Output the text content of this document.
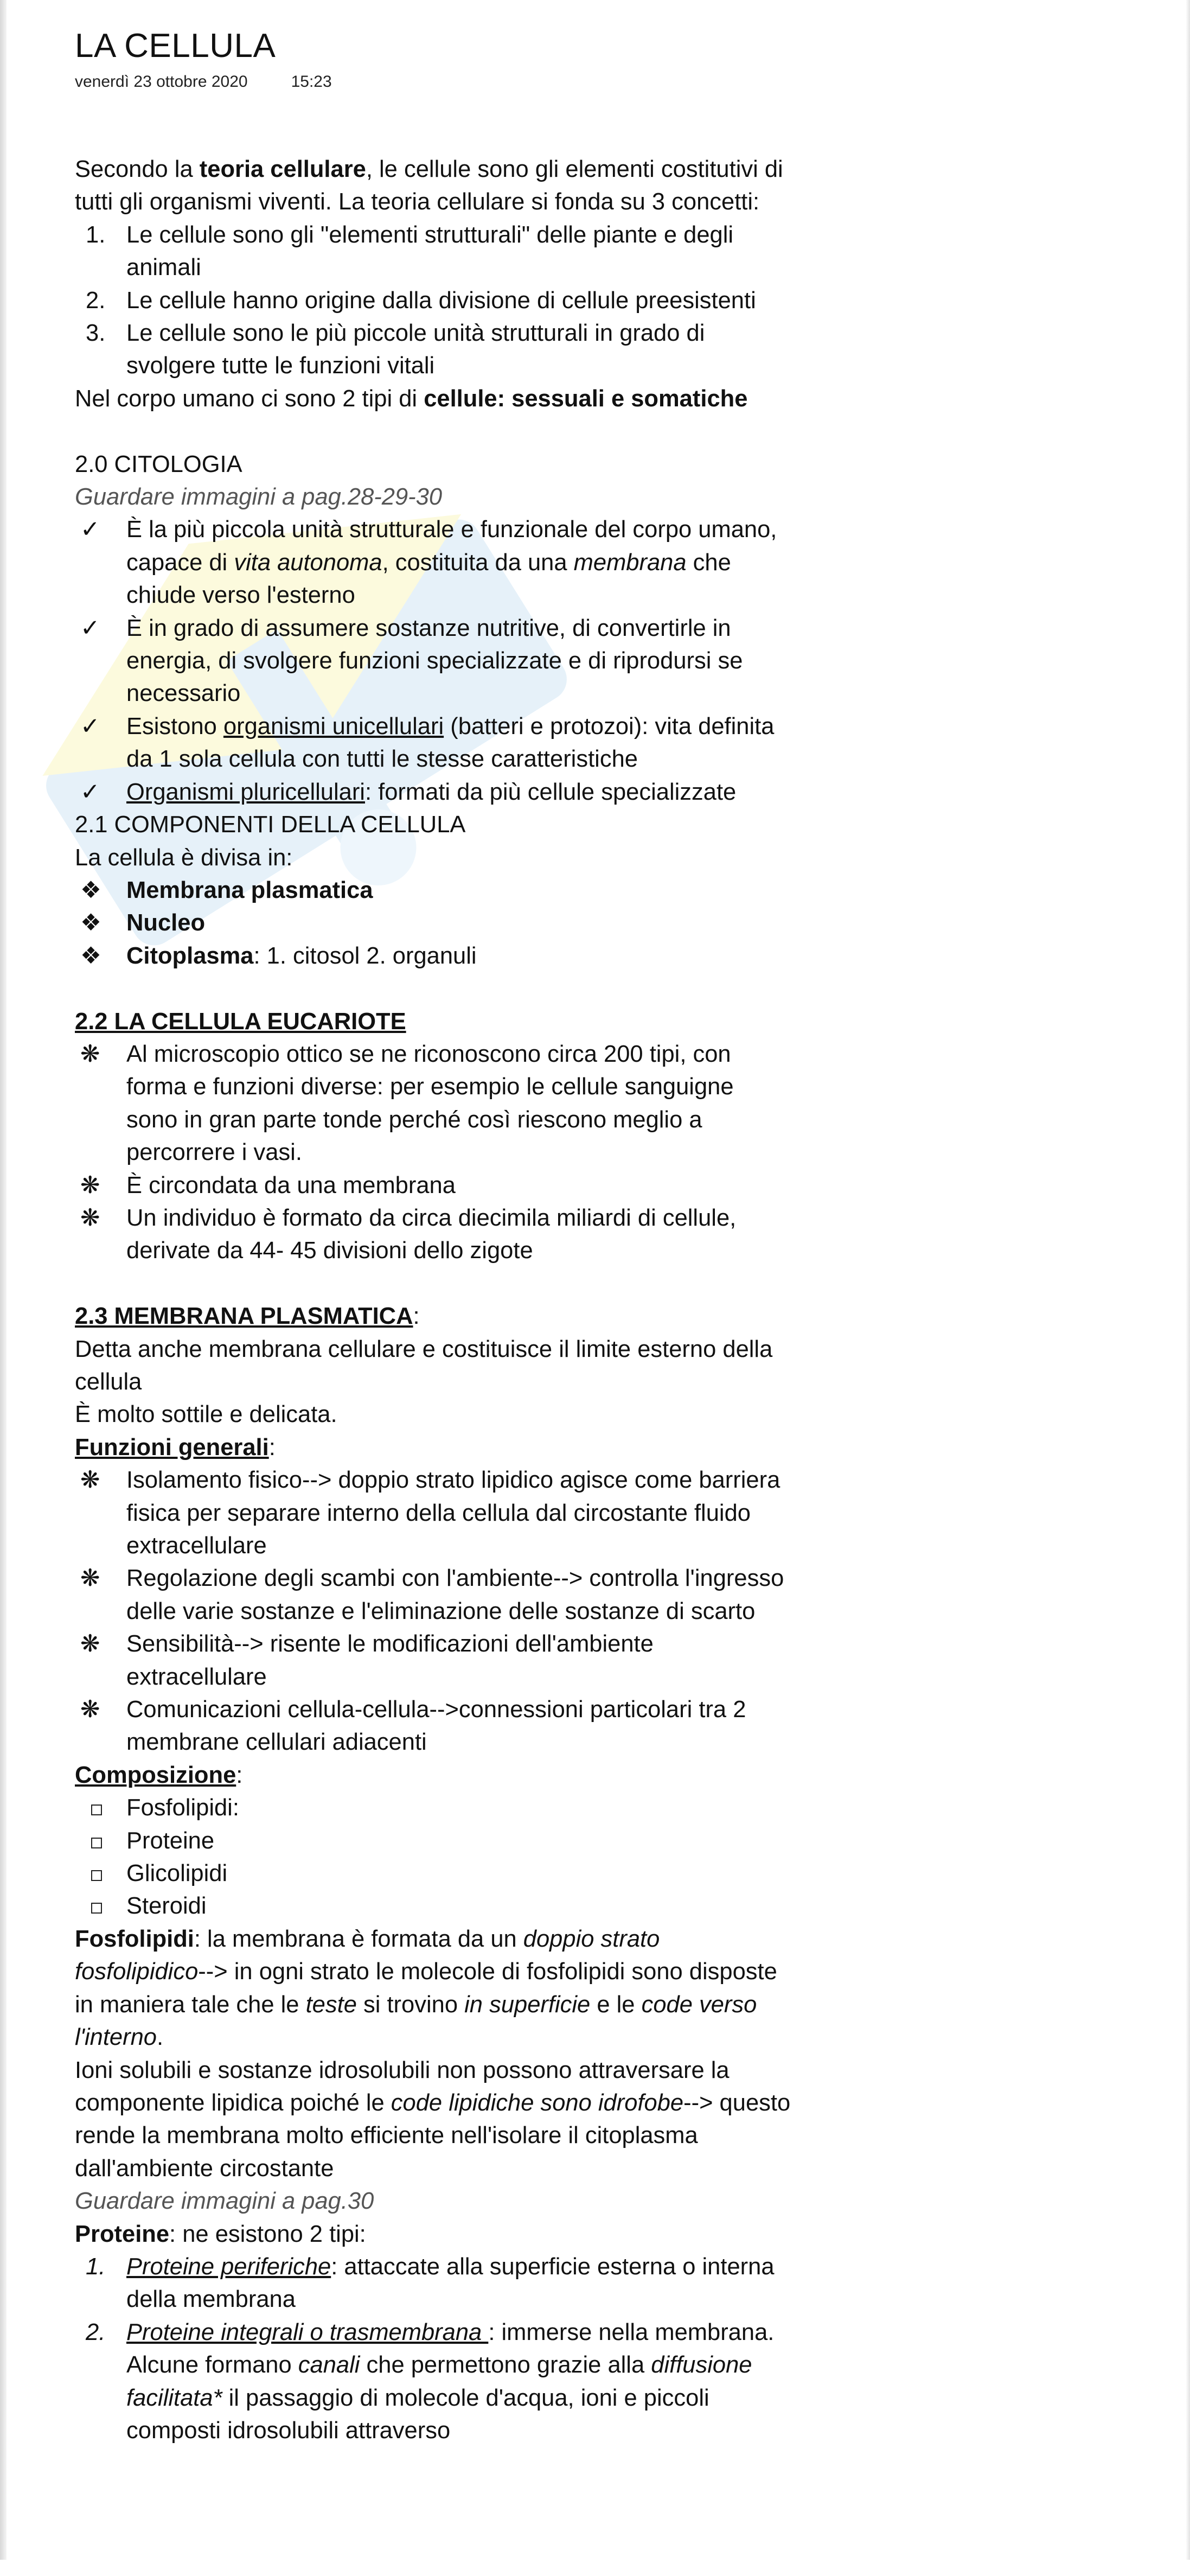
LA CELLULA
venerdì 23 ottobre 2020	15:23

Secondo la teoria cellulare, le cellule sono gli elementi costitutivi di tutti gli organismi viventi. La teoria cellulare si fonda su 3 concetti:

1. Le cellule sono gli "elementi strutturali" delle piante e degli animali
2. Le cellule hanno origine dalla divisione di cellule preesistenti
3. Le cellule sono le più piccole unità strutturali in grado di svolgere tutte le funzioni vitali

Nel corpo umano ci sono 2 tipi di cellule: sessuali e somatiche

2.0 CITOLOGIA

Guardare immagini a pag.28-29-30

✓	È la più piccola unità strutturale e funzionale del corpo umano, capace di vita autonoma, costituita da una membrana che chiude verso l'esterno
✓	È in grado di assumere sostanze nutritive, di convertirle in energia, di svolgere funzioni specializzate e di riprodursi se necessario
✓	Esistono organismi unicellulari (batteri e protozoi): vita definita da 1 sola cellula con tutti le stesse caratteristiche
✓	Organismi pluricellulari: formati da più cellule specializzate

2.1 COMPONENTI DELLA CELLULA

La cellula è divisa in:

❖	Membrana plasmatica
❖	Nucleo
❖	Citoplasma: 1. citosol 2. organuli

2.2 LA CELLULA EUCARIOTE

❋	Al microscopio ottico se ne riconoscono circa 200 tipi, con forma e funzioni diverse: per esempio le cellule sanguigne sono in gran parte tonde perché così riescono meglio a percorrere i vasi.
❋	È circondata da una membrana
❋	Un individuo è formato da circa diecimila miliardi di cellule, derivate da 44- 45 divisioni dello zigote

2.3 MEMBRANA PLASMATICA:

Detta anche membrana cellulare e costituisce il limite esterno della cellula

È molto sottile e delicata.

Funzioni generali:

❋	Isolamento fisico--> doppio strato lipidico agisce come barriera fisica per separare interno della cellula dal circostante fluido extracellulare
❋	Regolazione degli scambi con l'ambiente--> controlla l'ingresso delle varie sostanze e l'eliminazione delle sostanze di scarto
❋	Sensibilità--> risente le modificazioni dell'ambiente extracellulare
❋	Comunicazioni cellula-cellula-->connessioni particolari tra 2 membrane cellulari adiacenti

Composizione:

Fosfolipidi:
Proteine
Glicolipidi
Steroidi

Fosfolipidi: la membrana è formata da un doppio strato fosfolipidico--> in ogni strato le molecole di fosfolipidi sono disposte in maniera tale che le teste si trovino in superficie e le code verso l'interno.

Ioni solubili e sostanze idrosolubili non possono attraversare la componente lipidica poiché le code lipidiche sono idrofobe--> questo rende la membrana molto efficiente nell'isolare il citoplasma dall'ambiente circostante

Guardare immagini a pag.30

Proteine: ne esistono 2 tipi:

1. Proteine periferiche: attaccate alla superficie esterna o interna della membrana
2. Proteine integrali o trasmembrana : immerse nella membrana. Alcune formano canali che permettono grazie alla diffusione facilitata* il passaggio di molecole d'acqua, ioni e piccoli composti idrosolubili attraverso
